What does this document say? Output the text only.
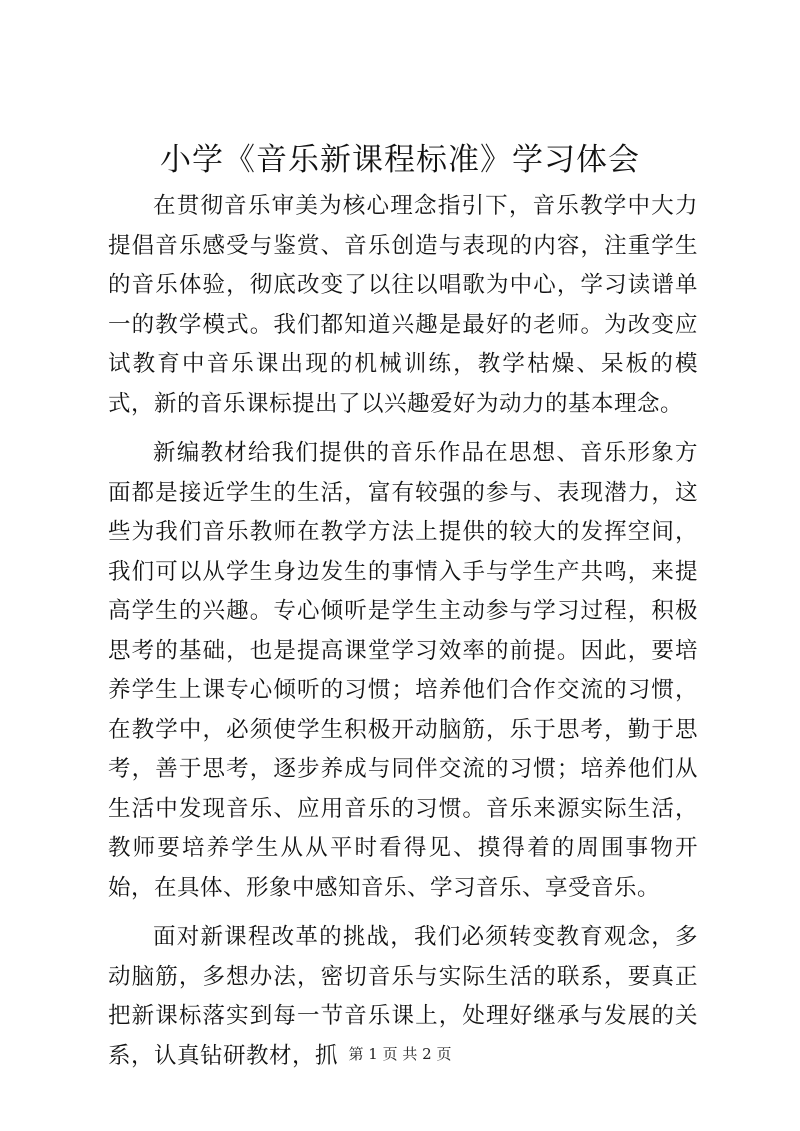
小学《音乐新课程标准》学习体会

在贯彻音乐审美为核心理念指引下，音乐教学中大力提倡音乐感受与鉴赏、音乐创造与表现的内容，注重学生的音乐体验，彻底改变了以往以唱歌为中心，学习读谱单一的教学模式。我们都知道兴趣是最好的老师。为改变应试教育中音乐课出现的机械训练，教学枯燥、呆板的模式，新的音乐课标提出了以兴趣爱好为动力的基本理念。

新编教材给我们提供的音乐作品在思想、音乐形象方面都是接近学生的生活，富有较强的参与、表现潜力，这些为我们音乐教师在教学方法上提供的较大的发挥空间，我们可以从学生身边发生的事情入手与学生产共鸣，来提高学生的兴趣。专心倾听是学生主动参与学习过程，积极思考的基础，也是提高课堂学习效率的前提。因此，要培养学生上课专心倾听的习惯；培养他们合作交流的习惯，在教学中，必须使学生积极开动脑筋，乐于思考，勤于思考，善于思考，逐步养成与同伴交流的习惯；培养他们从生活中发现音乐、应用音乐的习惯。音乐来源实际生活，教师要培养学生从从平时看得见、摸得着的周围事物开始，在具体、形象中感知音乐、学习音乐、享受音乐。

面对新课程改革的挑战，我们必须转变教育观念，多动脑筋，多想办法，密切音乐与实际生活的联系，要真正把新课标落实到每一节音乐课上，处理好继承与发展的关系，认真钻研教材，抓 第 1 页 共 2 页
